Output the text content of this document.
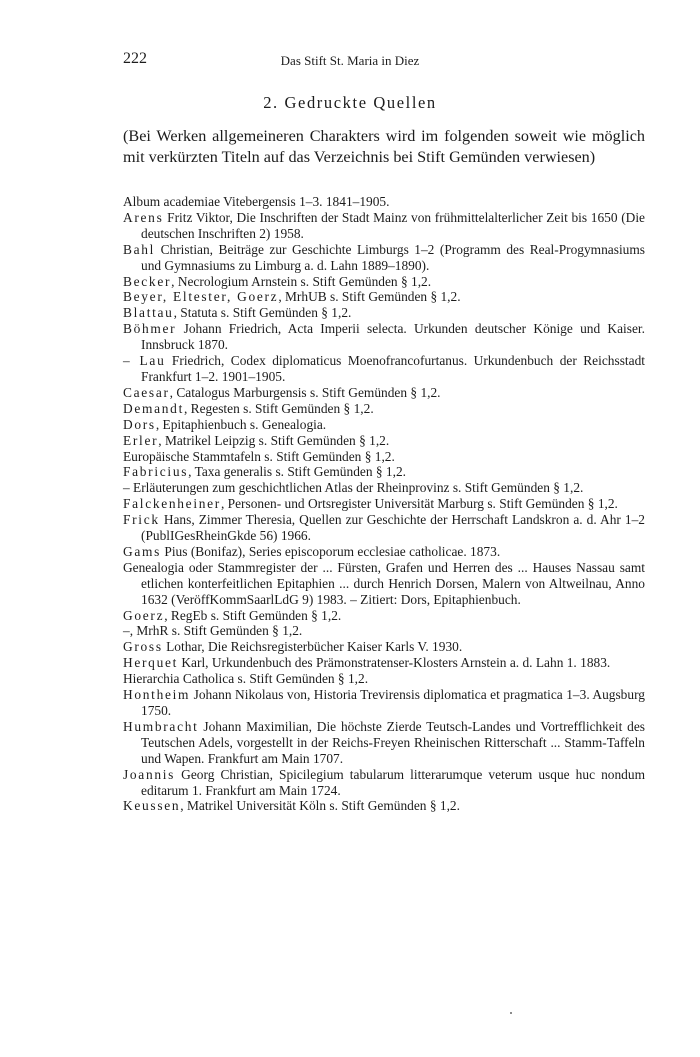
222	Das Stift St. Maria in Diez
2. Gedruckte Quellen
(Bei Werken allgemeineren Charakters wird im folgenden soweit wie möglich mit verkürzten Titeln auf das Verzeichnis bei Stift Gemünden verwiesen)
Album academiae Vitebergensis 1–3. 1841–1905.
Arens Fritz Viktor, Die Inschriften der Stadt Mainz von frühmittelalterlicher Zeit bis 1650 (Die deutschen Inschriften 2) 1958.
Bahl Christian, Beiträge zur Geschichte Limburgs 1–2 (Programm des Real-Progymnasiums und Gymnasiums zu Limburg a. d. Lahn 1889–1890).
Becker, Necrologium Arnstein s. Stift Gemünden § 1,2.
Beyer, Eltester, Goerz, MrhUB s. Stift Gemünden § 1,2.
Blattau, Statuta s. Stift Gemünden § 1,2.
Böhmer Johann Friedrich, Acta Imperii selecta. Urkunden deutscher Könige und Kaiser. Innsbruck 1870.
– Lau Friedrich, Codex diplomaticus Moenofrancofurtanus. Urkundenbuch der Reichsstadt Frankfurt 1–2. 1901–1905.
Caesar, Catalogus Marburgensis s. Stift Gemünden § 1,2.
Demandt, Regesten s. Stift Gemünden § 1,2.
Dors, Epitaphienbuch s. Genealogia.
Erler, Matrikel Leipzig s. Stift Gemünden § 1,2.
Europäische Stammtafeln s. Stift Gemünden § 1,2.
Fabricius, Taxa generalis s. Stift Gemünden § 1,2.
– Erläuterungen zum geschichtlichen Atlas der Rheinprovinz s. Stift Gemünden § 1,2.
Falckenheiner, Personen- und Ortsregister Universität Marburg s. Stift Gemünden § 1,2.
Frick Hans, Zimmer Theresia, Quellen zur Geschichte der Herrschaft Landskron a. d. Ahr 1–2 (PublIGesRheinGkde 56) 1966.
Gams Pius (Bonifaz), Series episcoporum ecclesiae catholicae. 1873.
Genealogia oder Stammregister der ... Fürsten, Grafen und Herren des ... Hauses Nassau samt etlichen konterfeitlichen Epitaphien ... durch Henrich Dorsen, Malern von Altweilnau, Anno 1632 (VeröffKommSaarlLdG 9) 1983. – Zitiert: Dors, Epitaphienbuch.
Goerz, RegEb s. Stift Gemünden § 1,2.
–, MrhR s. Stift Gemünden § 1,2.
Gross Lothar, Die Reichsregisterbücher Kaiser Karls V. 1930.
Herquet Karl, Urkundenbuch des Prämonstratenser-Klosters Arnstein a. d. Lahn 1. 1883.
Hierarchia Catholica s. Stift Gemünden § 1,2.
Hontheim Johann Nikolaus von, Historia Trevirensis diplomatica et pragmatica 1–3. Augsburg 1750.
Humbracht Johann Maximilian, Die höchste Zierde Teutsch-Landes und Vortrefflichkeit des Teutschen Adels, vorgestellt in der Reichs-Freyen Rheinischen Ritterschaft ... Stamm-Taffeln und Wapen. Frankfurt am Main 1707.
Joannis Georg Christian, Spicilegium tabularum litterarumque veterum usque huc nondum editarum 1. Frankfurt am Main 1724.
Keussen, Matrikel Universität Köln s. Stift Gemünden § 1,2.
